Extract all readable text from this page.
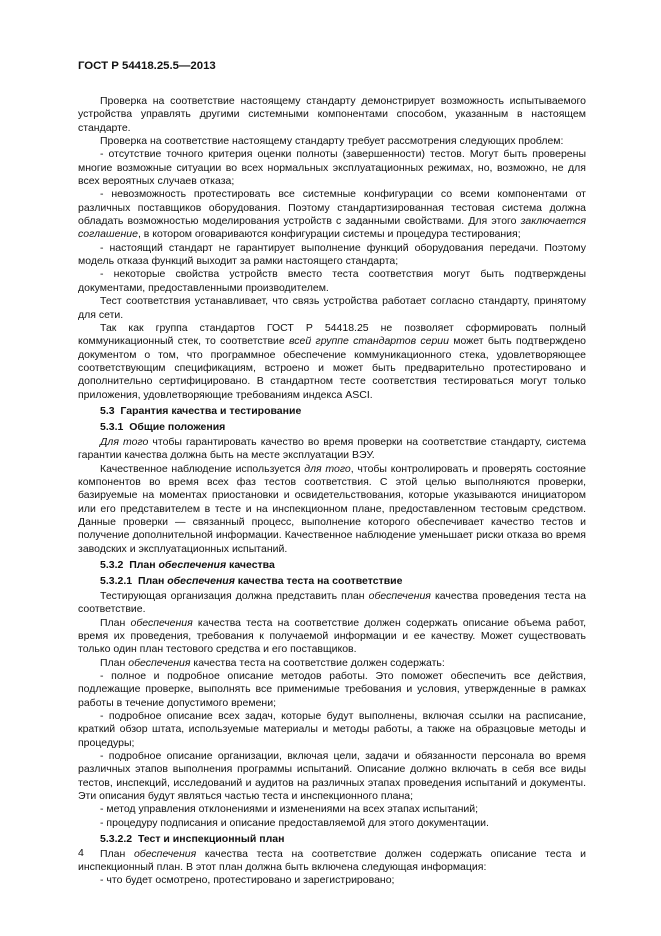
ГОСТ Р 54418.25.5—2013

Проверка на соответствие настоящему стандарту демонстрирует возможность испытываемого устройства управлять другими системными компонентами способом, указанным в настоящем стандарте.

Проверка на соответствие настоящему стандарту требует рассмотрения следующих проблем:

- отсутствие точного критерия оценки полноты (завершенности) тестов. Могут быть проверены многие возможные ситуации во всех нормальных эксплуатационных режимах, но, возможно, не для всех вероятных случаев отказа;

- невозможность протестировать все системные конфигурации со всеми компонентами от различных поставщиков оборудования. Поэтому стандартизированная тестовая система должна обладать возможностью моделирования устройств с заданными свойствами. Для этого заключается соглашение, в котором оговариваются конфигурации системы и процедура тестирования;

- настоящий стандарт не гарантирует выполнение функций оборудования передачи. Поэтому модель отказа функций выходит за рамки настоящего стандарта;

- некоторые свойства устройств вместо теста соответствия могут быть подтверждены документами, предоставленными производителем.

Тест соответствия устанавливает, что связь устройства работает согласно стандарту, принятому для сети.

Так как группа стандартов ГОСТ Р 54418.25 не позволяет сформировать полный коммуникационный стек, то соответствие всей группе стандартов серии может быть подтверждено документом о том, что программное обеспечение коммуникационного стека, удовлетворяющее соответствующим спецификациям, встроено и может быть предварительно протестировано и дополнительно сертифицировано. В стандартном тесте соответствия тестироваться могут только приложения, удовлетворяющие требованиям индекса ASCI.

5.3  Гарантия качества и тестирование
5.3.1  Общие положения

Для того чтобы гарантировать качество во время проверки на соответствие стандарту, система гарантии качества должна быть на месте эксплуатации ВЭУ.

Качественное наблюдение используется для того, чтобы контролировать и проверять состояние компонентов во время всех фаз тестов соответствия. С этой целью выполняются проверки, базируемые на моментах приостановки и освидетельствования, которые указываются инициатором или его представителем в тесте и на инспекционном плане, предоставленном тестовым средством. Данные проверки — связанный процесс, выполнение которого обеспечивает качество тестов и получение дополнительной информации. Качественное наблюдение уменьшает риски отказа во время заводских и эксплуатационных испытаний.

5.3.2  План обеспечения качества
5.3.2.1  План обеспечения качества теста на соответствие

Тестирующая организация должна представить план обеспечения качества проведения теста на соответствие.

План обеспечения качества теста на соответствие должен содержать описание объема работ, время их проведения, требования к получаемой информации и ее качеству. Может существовать только один план тестового средства и его поставщиков.

План обеспечения качества теста на соответствие должен содержать:

- полное и подробное описание методов работы. Это поможет обеспечить все действия, подлежащие проверке, выполнять все применимые требования и условия, утвержденные в рамках работы в течение допустимого времени;

- подробное описание всех задач, которые будут выполнены, включая ссылки на расписание, краткий обзор штата, используемые материалы и методы работы, а также на образцовые методы и процедуры;

- подробное описание организации, включая цели, задачи и обязанности персонала во время различных этапов выполнения программы испытаний. Описание должно включать в себя все виды тестов, инспекций, исследований и аудитов на различных этапах проведения испытаний и документы. Эти описания будут являться частью теста и инспекционного плана;

- метод управления отклонениями и изменениями на всех этапах испытаний;

- процедуру подписания и описание предоставляемой для этого документации.

5.3.2.2  Тест и инспекционный план

План обеспечения качества теста на соответствие должен содержать описание теста и инспекционный план. В этот план должна быть включена следующая информация:

- что будет осмотрено, протестировано и зарегистрировано;

4
